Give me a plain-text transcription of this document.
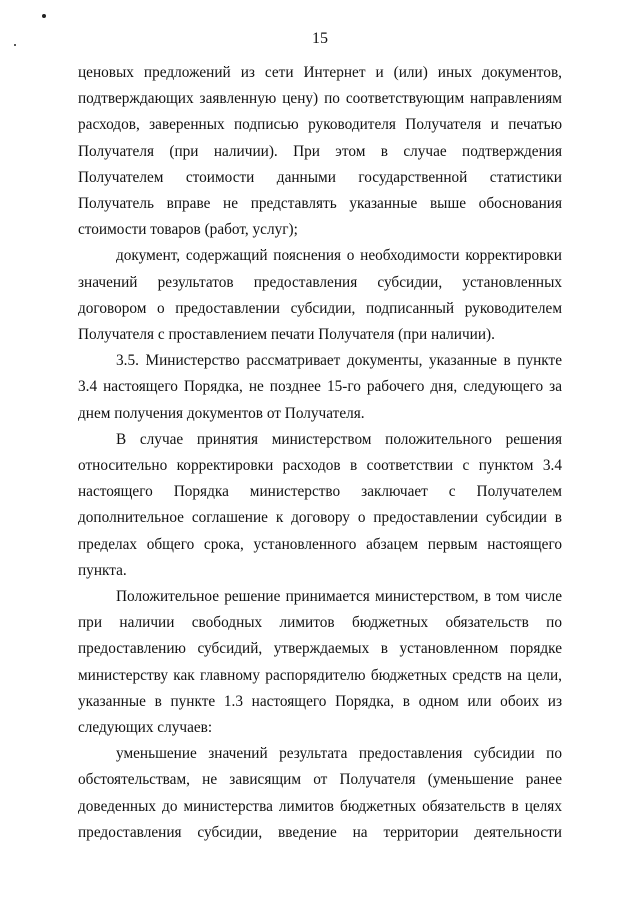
15

ценовых предложений из сети Интернет и (или) иных документов, подтверждающих заявленную цену) по соответствующим направлениям расходов, заверенных подписью руководителя Получателя и печатью Получателя (при наличии). При этом в случае подтверждения Получателем стоимости данными государственной статистики Получатель вправе не представлять указанные выше обоснования стоимости товаров (работ, услуг);

документ, содержащий пояснения о необходимости корректировки значений результатов предоставления субсидии, установленных договором о предоставлении субсидии, подписанный руководителем Получателя с проставлением печати Получателя (при наличии).

3.5. Министерство рассматривает документы, указанные в пункте 3.4 настоящего Порядка, не позднее 15-го рабочего дня, следующего за днем получения документов от Получателя.

В случае принятия министерством положительного решения относительно корректировки расходов в соответствии с пунктом 3.4 настоящего Порядка министерство заключает с Получателем дополнительное соглашение к договору о предоставлении субсидии в пределах общего срока, установленного абзацем первым настоящего пункта.

Положительное решение принимается министерством, в том числе при наличии свободных лимитов бюджетных обязательств по предоставлению субсидий, утверждаемых в установленном порядке министерству как главному распорядителю бюджетных средств на цели, указанные в пункте 1.3 настоящего Порядка, в одном или обоих из следующих случаев:

уменьшение значений результата предоставления субсидии по обстоятельствам, не зависящим от Получателя (уменьшение ранее доведенных до министерства лимитов бюджетных обязательств в целях предоставления субсидии, введение на территории деятельности
